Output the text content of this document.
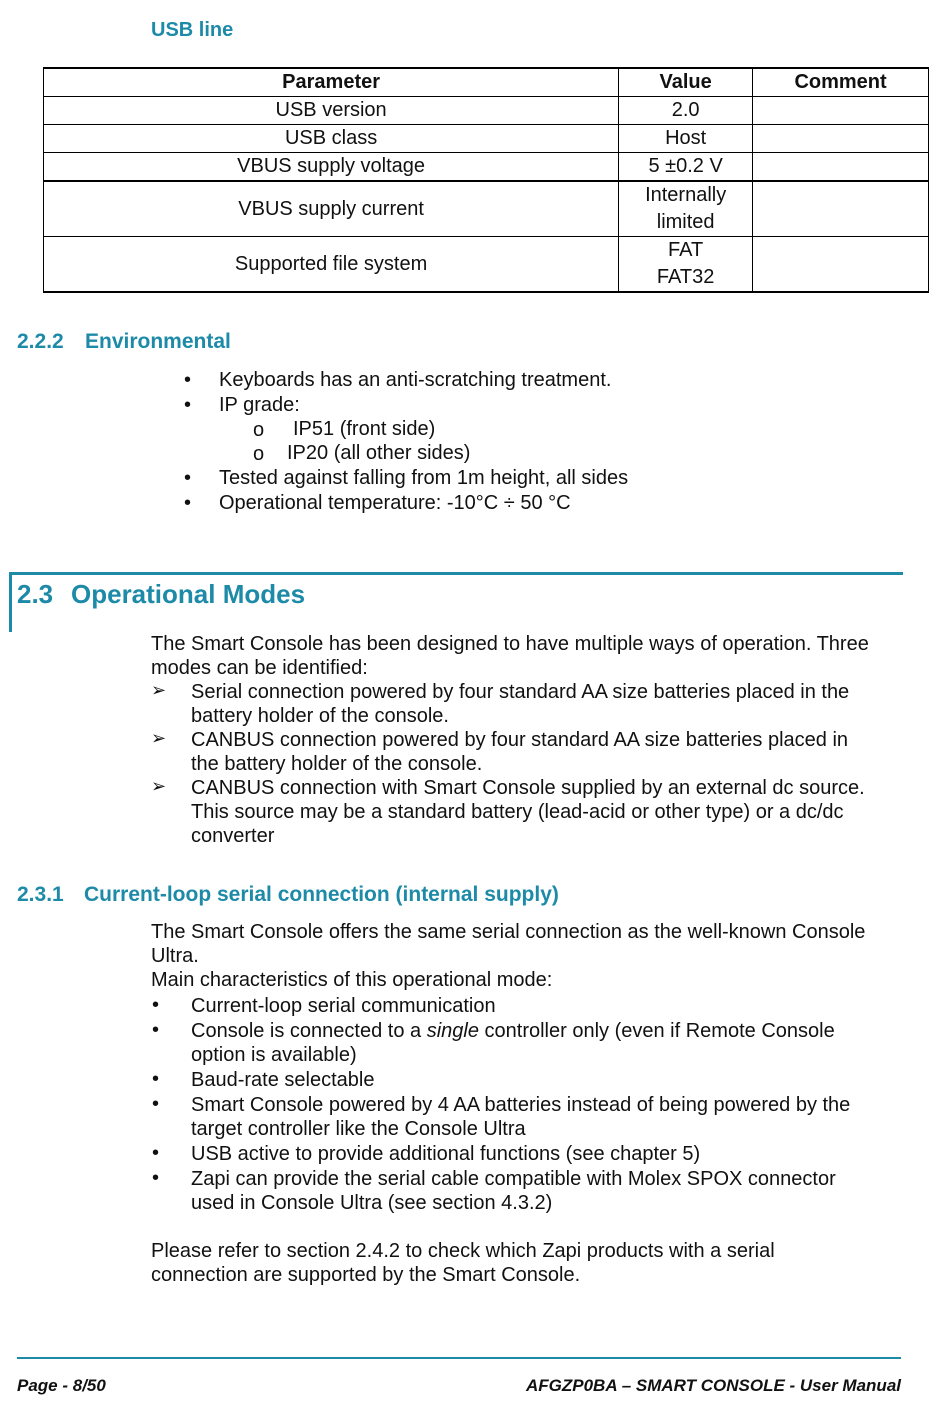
USB line
Parameter	Value	Comment
USB version	2.0	
USB class	Host	
VBUS supply voltage	5 ±0.2 V	
VBUS supply current	Internally
limited	
Supported file system	FAT
FAT32	
2.2.2 Environmental
• Keyboards has an anti-scratching treatment.
• IP grade:
o IP51 (front side)
o IP20 (all other sides)
• Tested against falling from 1m height, all sides
• Operational temperature: -10°C ÷ 50 °C
2.3 Operational Modes
The Smart Console has been designed to have multiple ways of operation. Three
modes can be identified:
➢ Serial connection powered by four standard AA size batteries placed in the
battery holder of the console.
➢ CANBUS connection powered by four standard AA size batteries placed in
the battery holder of the console.
➢ CANBUS connection with Smart Console supplied by an external dc source.
This source may be a standard battery (lead-acid or other type) or a dc/dc
converter
2.3.1 Current-loop serial connection (internal supply)
The Smart Console offers the same serial connection as the well-known Console
Ultra.
Main characteristics of this operational mode:
• Current-loop serial communication
• Console is connected to a single controller only (even if Remote Console
option is available)
• Baud-rate selectable
• Smart Console powered by 4 AA batteries instead of being powered by the
target controller like the Console Ultra
• USB active to provide additional functions (see chapter 5)
• Zapi can provide the serial cable compatible with Molex SPOX connector
used in Console Ultra (see section 4.3.2)
Please refer to section 2.4.2 to check which Zapi products with a serial
connection are supported by the Smart Console.
Page - 8/50	AFGZP0BA – SMART CONSOLE - User Manual
